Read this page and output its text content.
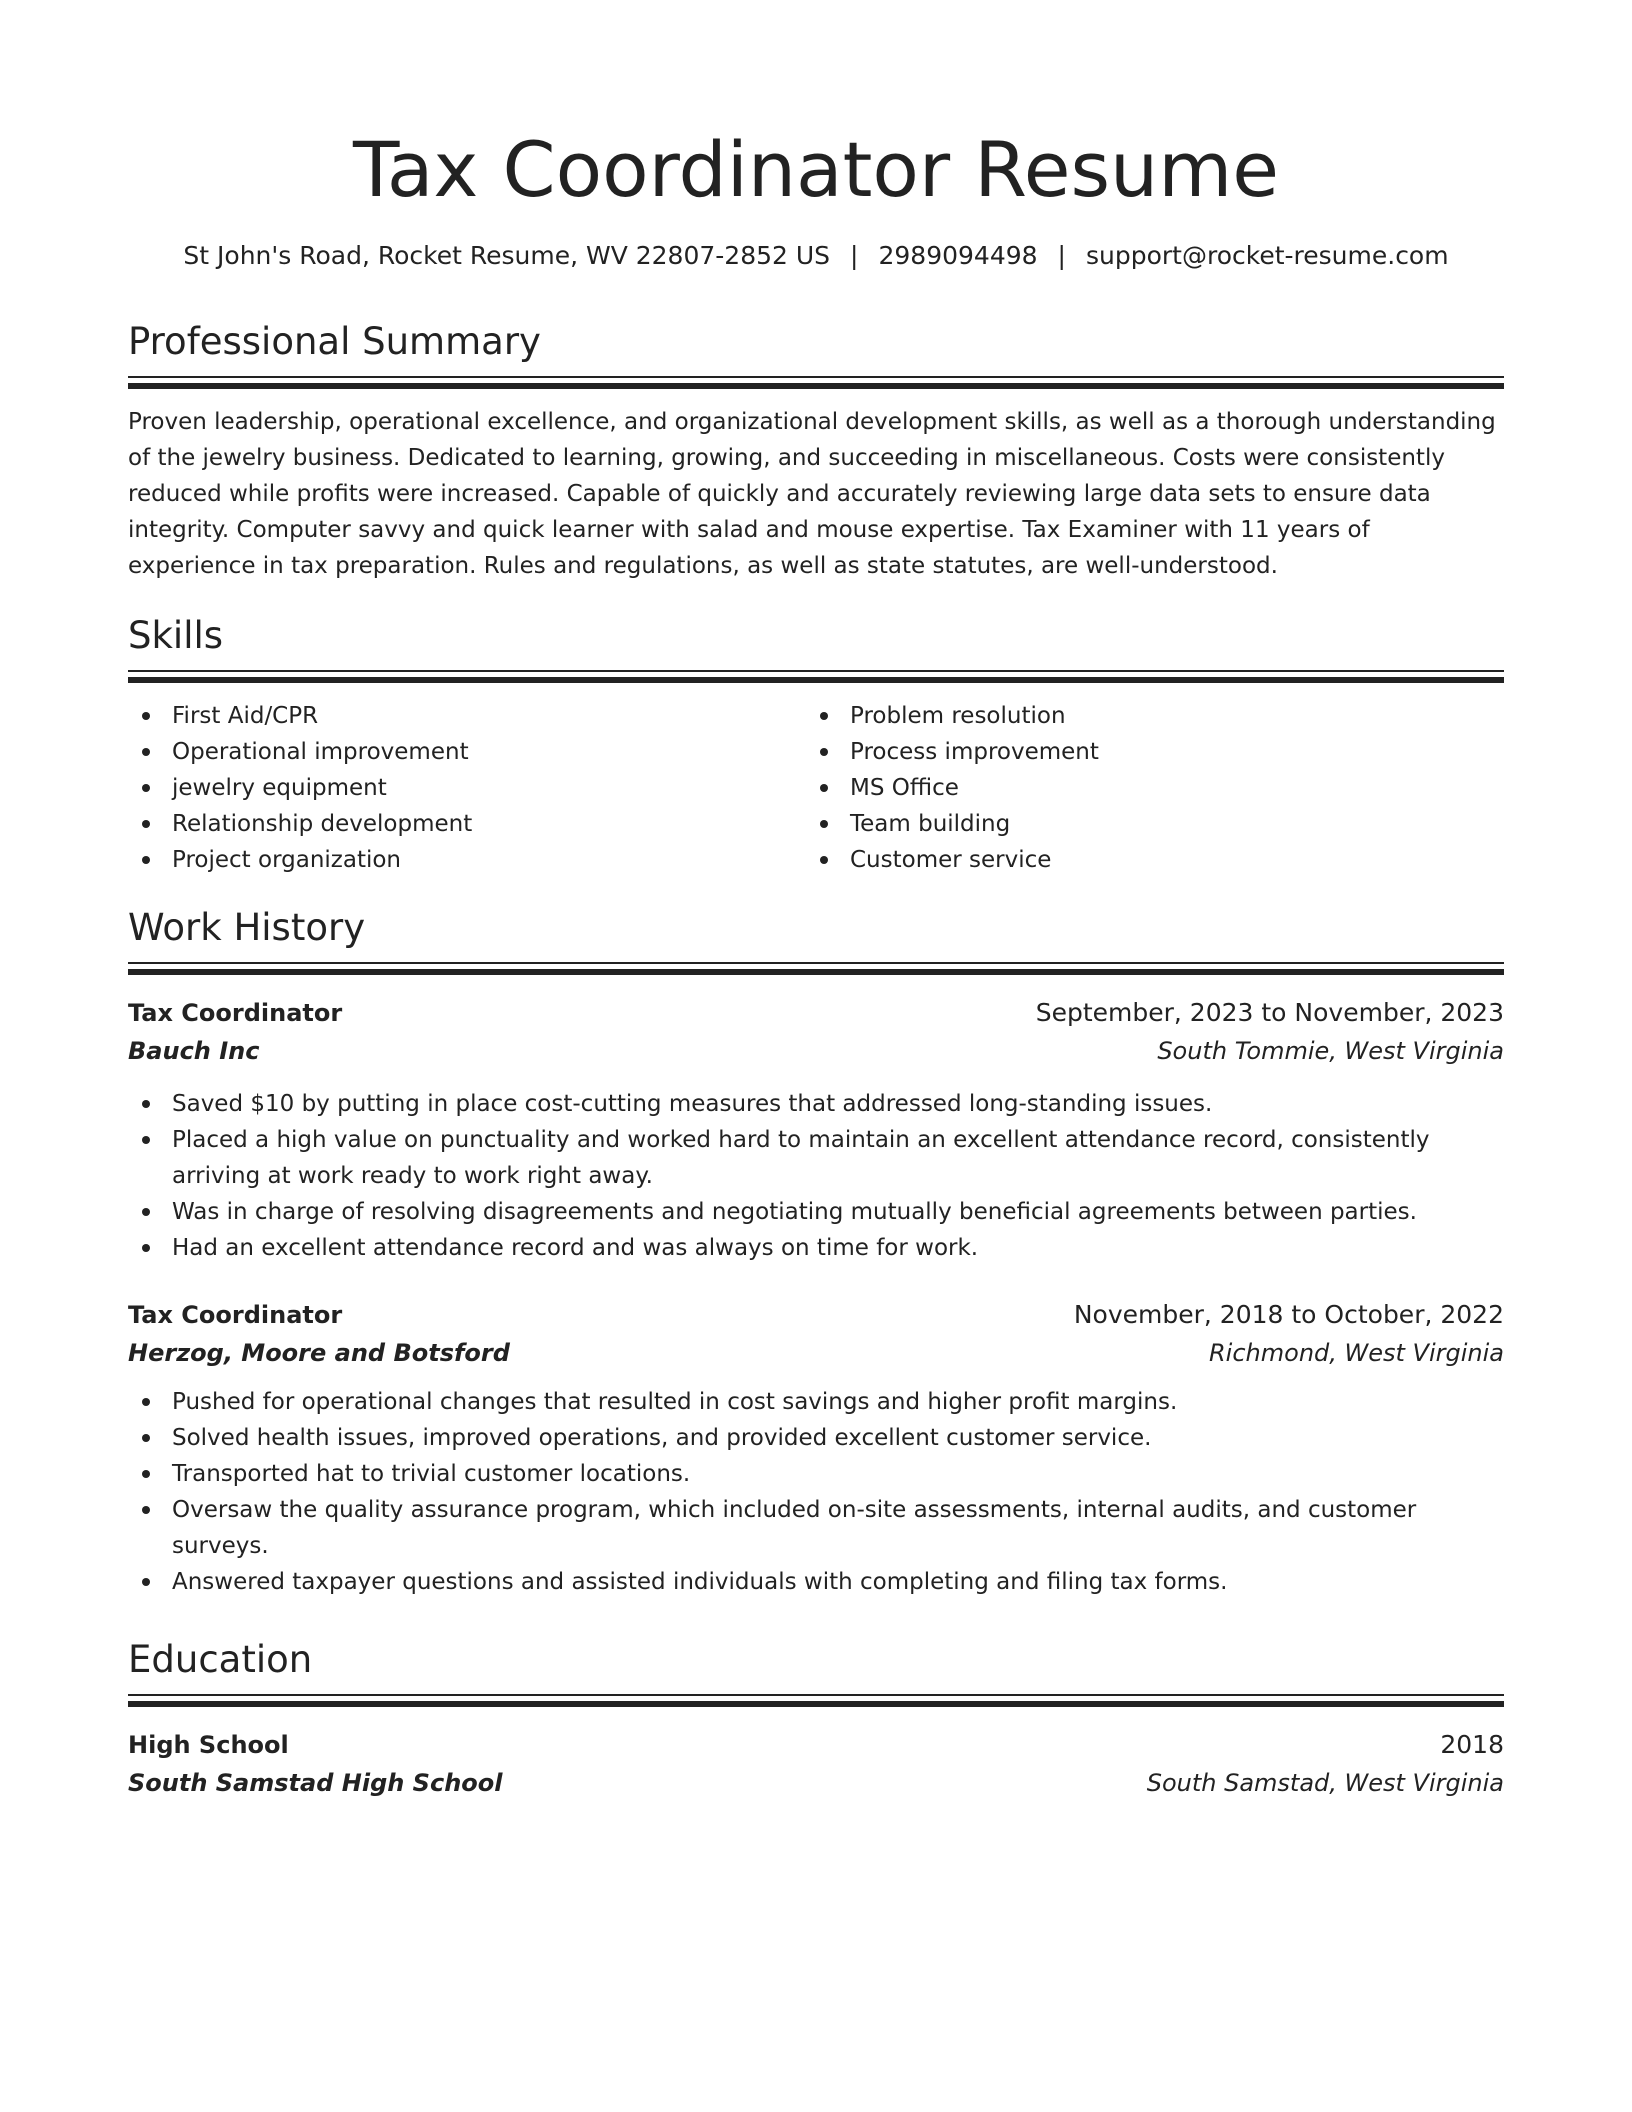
Tax Coordinator Resume
St John's Road, Rocket Resume, WV 22807-2852 US | 2989094498 | support@rocket-resume.com
Professional Summary

Proven leadership, operational excellence, and organizational development skills, as well as a thorough understanding of the jewelry business. Dedicated to learning, growing, and succeeding in miscellaneous. Costs were consistently reduced while profits were increased. Capable of quickly and accurately reviewing large data sets to ensure data integrity. Computer savvy and quick learner with salad and mouse expertise. Tax Examiner with 11 years of experience in tax preparation. Rules and regulations, as well as state statutes, are well-understood.

Skills
First Aid/CPR
Operational improvement
jewelry equipment
Relationship development
Project organization
Problem resolution
Process improvement
MS Office
Team building
Customer service
Work History
Tax Coordinator	September, 2023 to November, 2023
Bauch Inc	South Tommie, West Virginia
Saved $10 by putting in place cost-cutting measures that addressed long-standing issues.
Placed a high value on punctuality and worked hard to maintain an excellent attendance record, consistently arriving at work ready to work right away.
Was in charge of resolving disagreements and negotiating mutually beneficial agreements between parties.
Had an excellent attendance record and was always on time for work.
Tax Coordinator	November, 2018 to October, 2022
Herzog, Moore and Botsford	Richmond, West Virginia
Pushed for operational changes that resulted in cost savings and higher profit margins.
Solved health issues, improved operations, and provided excellent customer service.
Transported hat to trivial customer locations.
Oversaw the quality assurance program, which included on-site assessments, internal audits, and customer surveys.
Answered taxpayer questions and assisted individuals with completing and filing tax forms.
Education
High School	2018
South Samstad High School	South Samstad, West Virginia
